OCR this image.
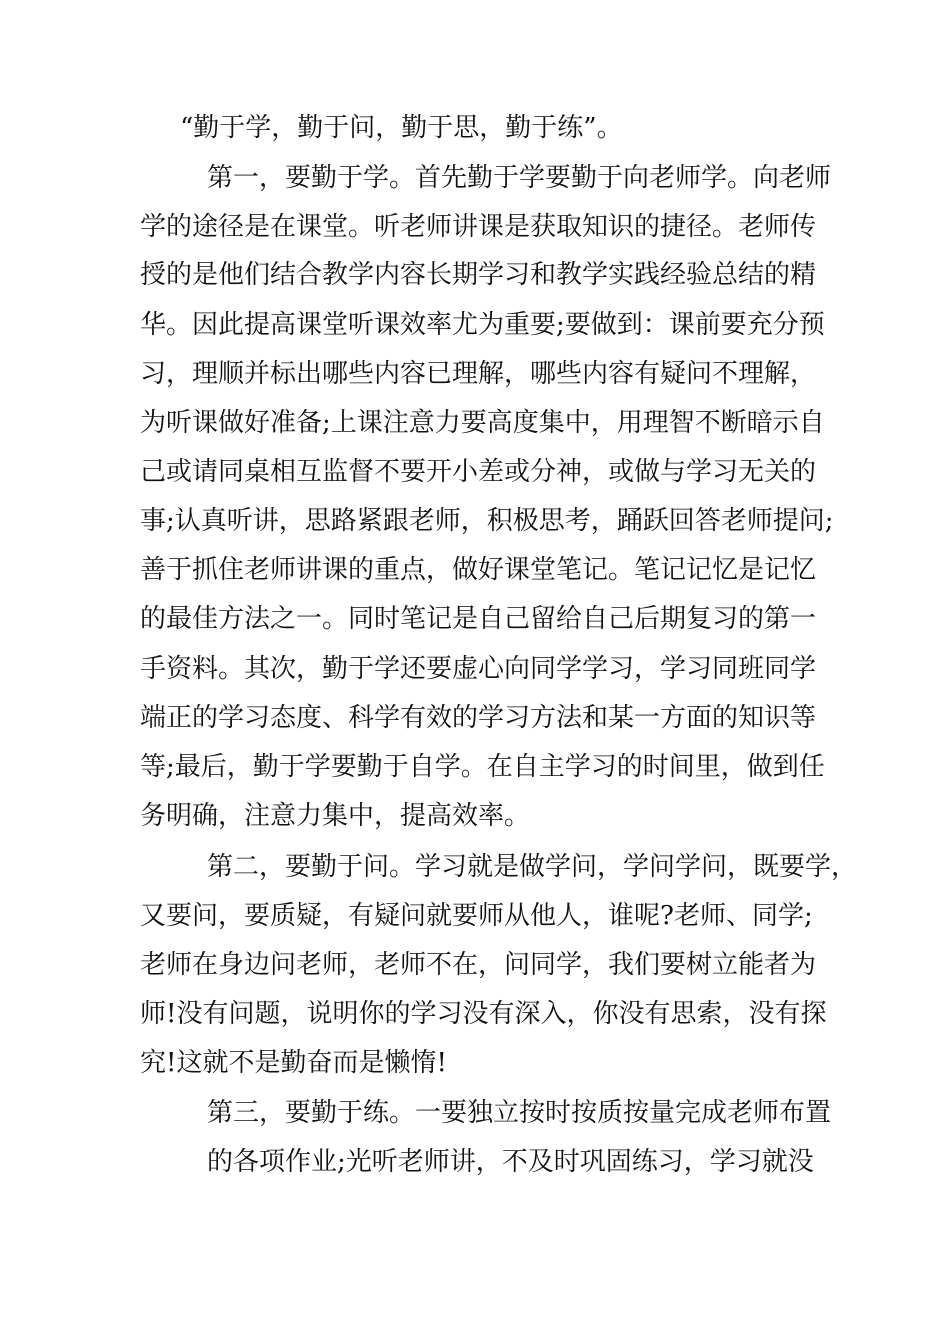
“勤于学，勤于问，勤于思，勤于练”。

第一，要勤于学。首先勤于学要勤于向老师学。向老师

学的途径是在课堂。听老师讲课是获取知识的捷径。老师传

授的是他们结合教学内容长期学习和教学实践经验总结的精

华。因此提高课堂听课效率尤为重要;要做到：课前要充分预

习，理顺并标出哪些内容已理解，哪些内容有疑问不理解，

为听课做好准备;上课注意力要高度集中，用理智不断暗示自

己或请同桌相互监督不要开小差或分神，或做与学习无关的

事;认真听讲，思路紧跟老师，积极思考，踊跃回答老师提问;

善于抓住老师讲课的重点，做好课堂笔记。笔记记忆是记忆

的最佳方法之一。同时笔记是自己留给自己后期复习的第一

手资料。其次，勤于学还要虚心向同学学习，学习同班同学

端正的学习态度、科学有效的学习方法和某一方面的知识等

等;最后，勤于学要勤于自学。在自主学习的时间里，做到任

务明确，注意力集中，提高效率。

第二，要勤于问。学习就是做学问，学问学问，既要学，

又要问，要质疑，有疑问就要师从他人，谁呢?老师、同学;

老师在身边问老师，老师不在，问同学，我们要树立能者为

师!没有问题，说明你的学习没有深入，你没有思索，没有探

究!这就不是勤奋而是懒惰!

第三，要勤于练。一要独立按时按质按量完成老师布置

的各项作业;光听老师讲，不及时巩固练习，学习就没
